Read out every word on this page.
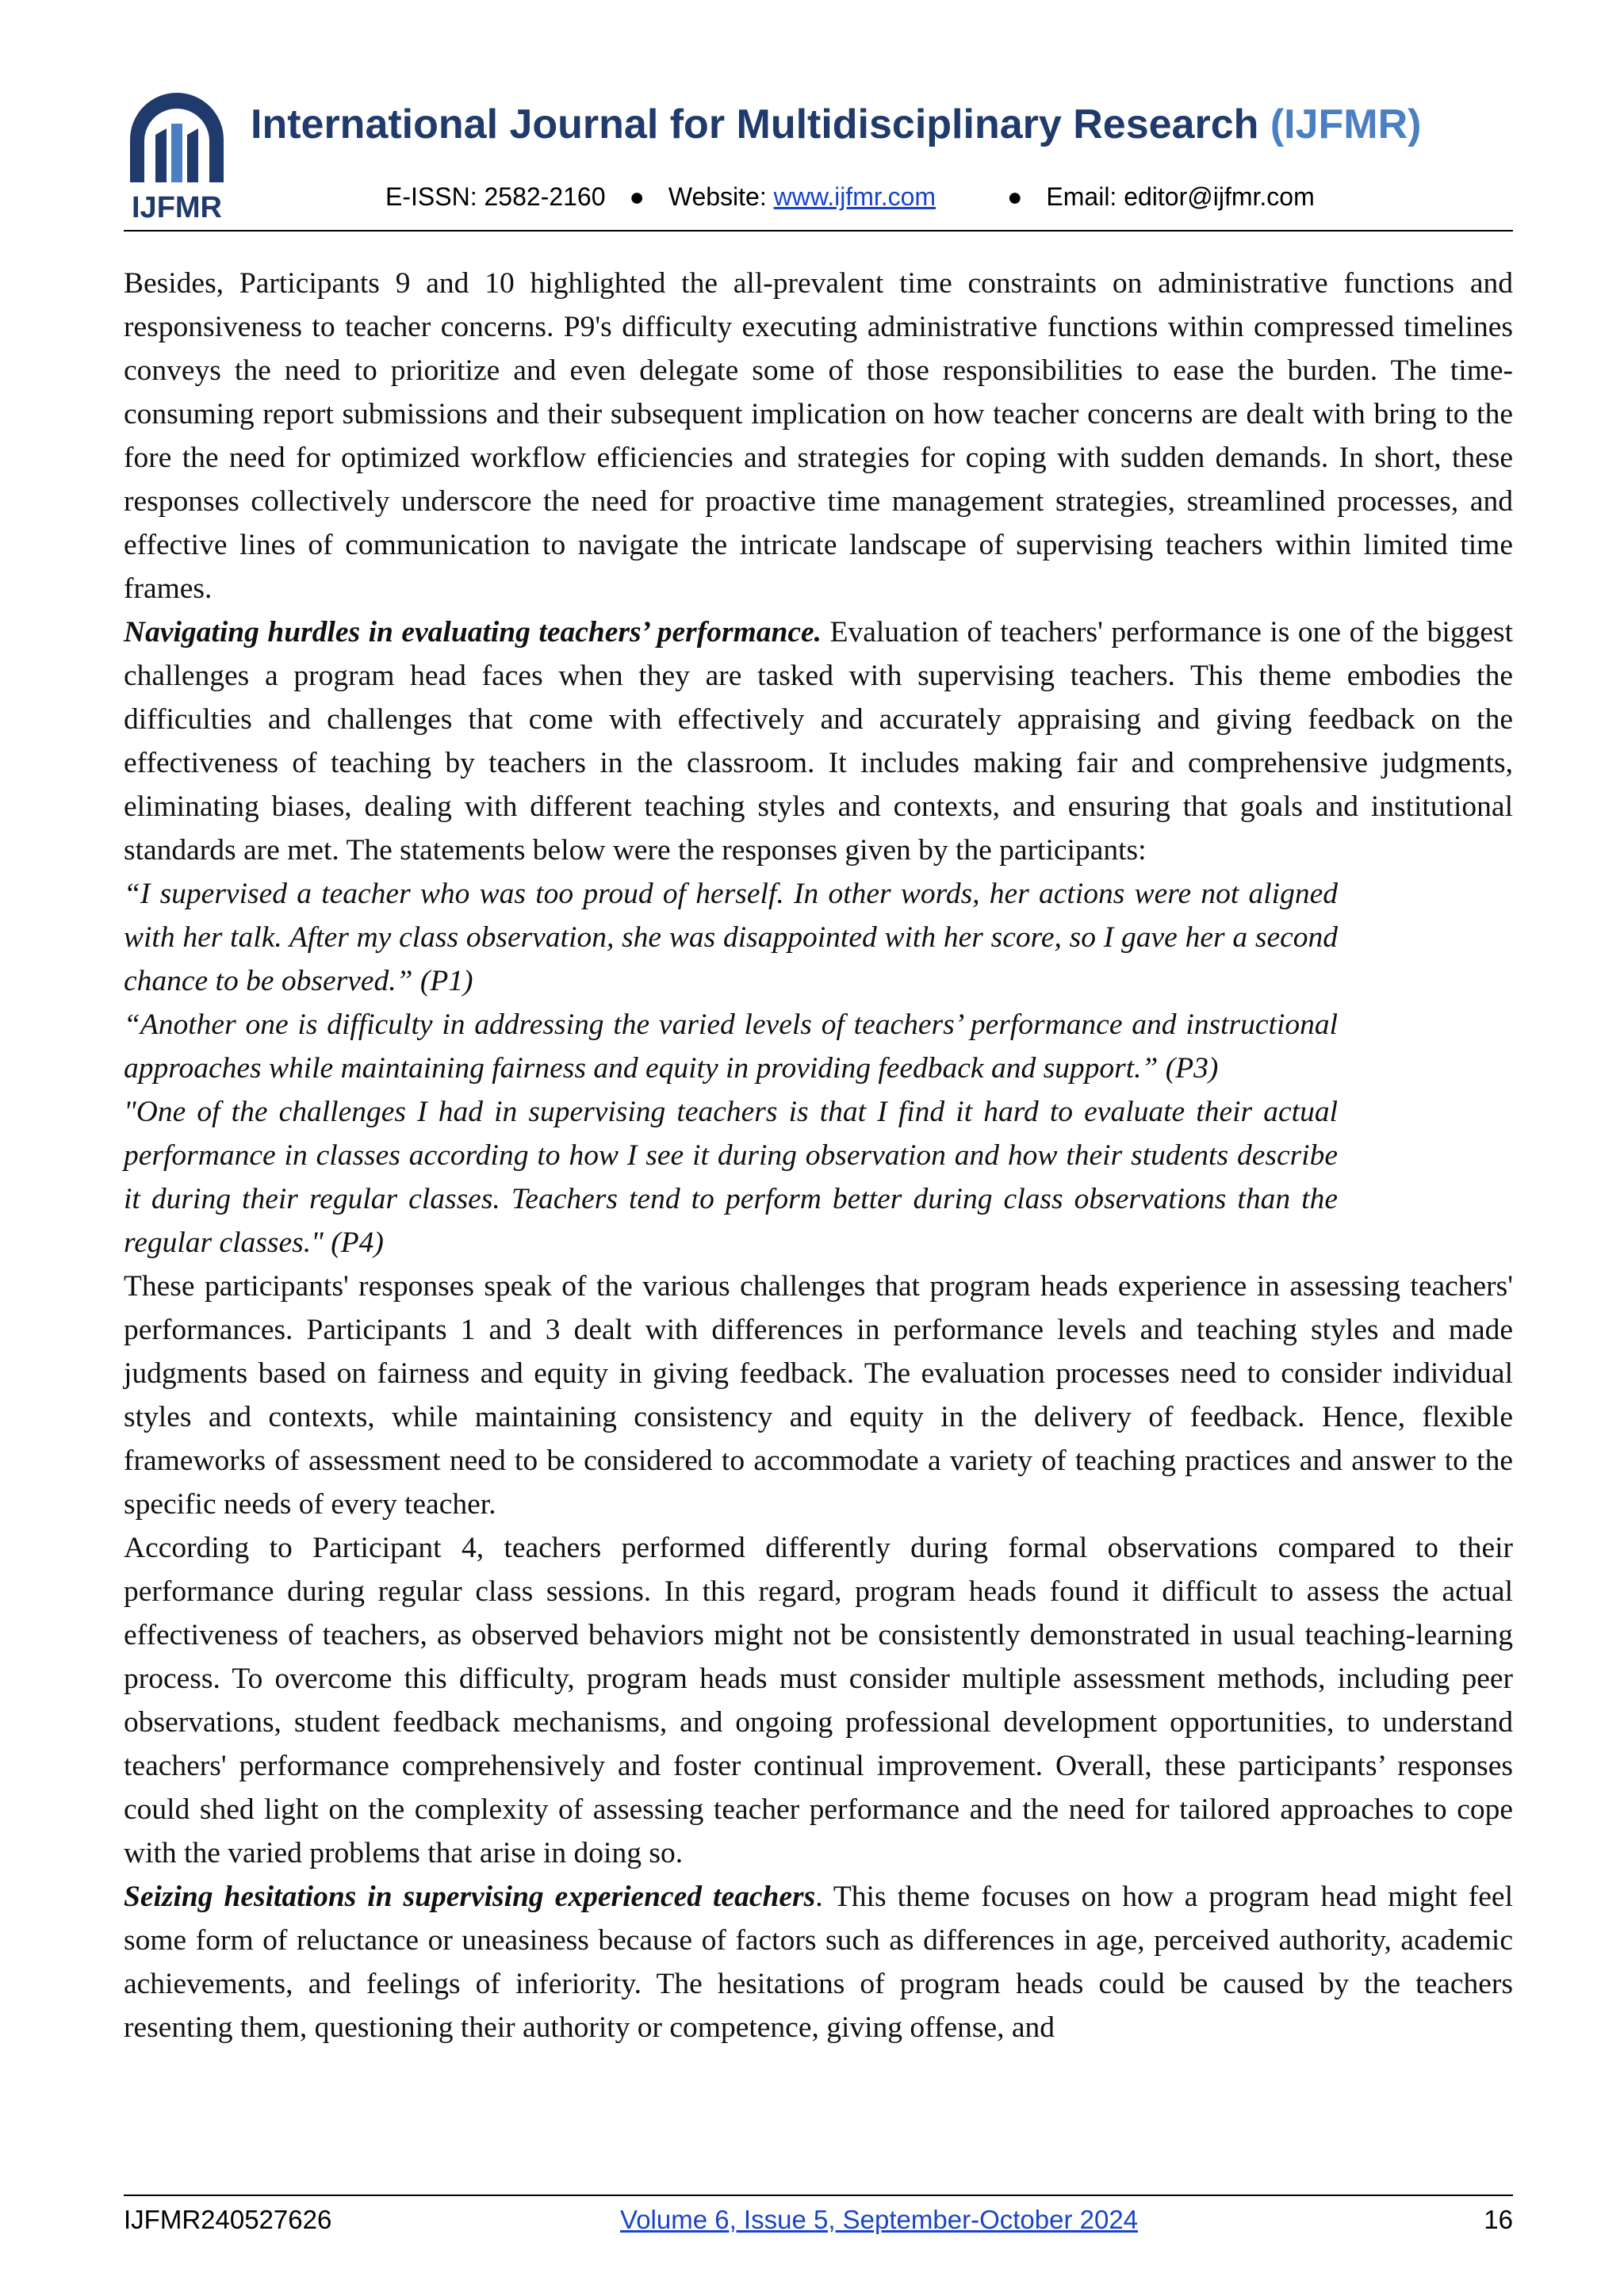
IJFMR
International Journal for Multidisciplinary Research (IJFMR)
E-ISSN: 2582-2160 ● Website: www.ijfmr.com	● Email: editor@ijfmr.com

Besides, Participants 9 and 10 highlighted the all-prevalent time constraints on administrative functions and responsiveness to teacher concerns. P9's difficulty executing administrative functions within compressed timelines conveys the need to prioritize and even delegate some of those responsibilities to ease the burden. The time-consuming report submissions and their subsequent implication on how teacher concerns are dealt with bring to the fore the need for optimized workflow efficiencies and strategies for coping with sudden demands. In short, these responses collectively underscore the need for proactive time management strategies, streamlined processes, and effective lines of communication to navigate the intricate landscape of supervising teachers within limited time frames.

Navigating hurdles in evaluating teachers’ performance. Evaluation of teachers' performance is one of the biggest challenges a program head faces when they are tasked with supervising teachers. This theme embodies the difficulties and challenges that come with effectively and accurately appraising and giving feedback on the effectiveness of teaching by teachers in the classroom. It includes making fair and comprehensive judgments, eliminating biases, dealing with different teaching styles and contexts, and ensuring that goals and institutional standards are met. The statements below were the responses given by the participants:

“I supervised a teacher who was too proud of herself. In other words, her actions were not aligned with her talk. After my class observation, she was disappointed with her score, so I gave her a second chance to be observed.” (P1)

“Another one is difficulty in addressing the varied levels of teachers’ performance and instructional approaches while maintaining fairness and equity in providing feedback and support.” (P3)

"One of the challenges I had in supervising teachers is that I find it hard to evaluate their actual performance in classes according to how I see it during observation and how their students describe it during their regular classes. Teachers tend to perform better during class observations than the regular classes." (P4)

These participants' responses speak of the various challenges that program heads experience in assessing teachers' performances. Participants 1 and 3 dealt with differences in performance levels and teaching styles and made judgments based on fairness and equity in giving feedback. The evaluation processes need to consider individual styles and contexts, while maintaining consistency and equity in the delivery of feedback. Hence, flexible frameworks of assessment need to be considered to accommodate a variety of teaching practices and answer to the specific needs of every teacher.

According to Participant 4, teachers performed differently during formal observations compared to their performance during regular class sessions. In this regard, program heads found it difficult to assess the actual effectiveness of teachers, as observed behaviors might not be consistently demonstrated in usual teaching-learning process. To overcome this difficulty, program heads must consider multiple assessment methods, including peer observations, student feedback mechanisms, and ongoing professional development opportunities, to understand teachers' performance comprehensively and foster continual improvement. Overall, these participants’ responses could shed light on the complexity of assessing teacher performance and the need for tailored approaches to cope with the varied problems that arise in doing so.

Seizing hesitations in supervising experienced teachers. This theme focuses on how a program head might feel some form of reluctance or uneasiness because of factors such as differences in age, perceived authority, academic achievements, and feelings of inferiority. The hesitations of program heads could be caused by the teachers resenting them, questioning their authority or competence, giving offense, and

IJFMR240527626	Volume 6, Issue 5, September-October 2024	16
